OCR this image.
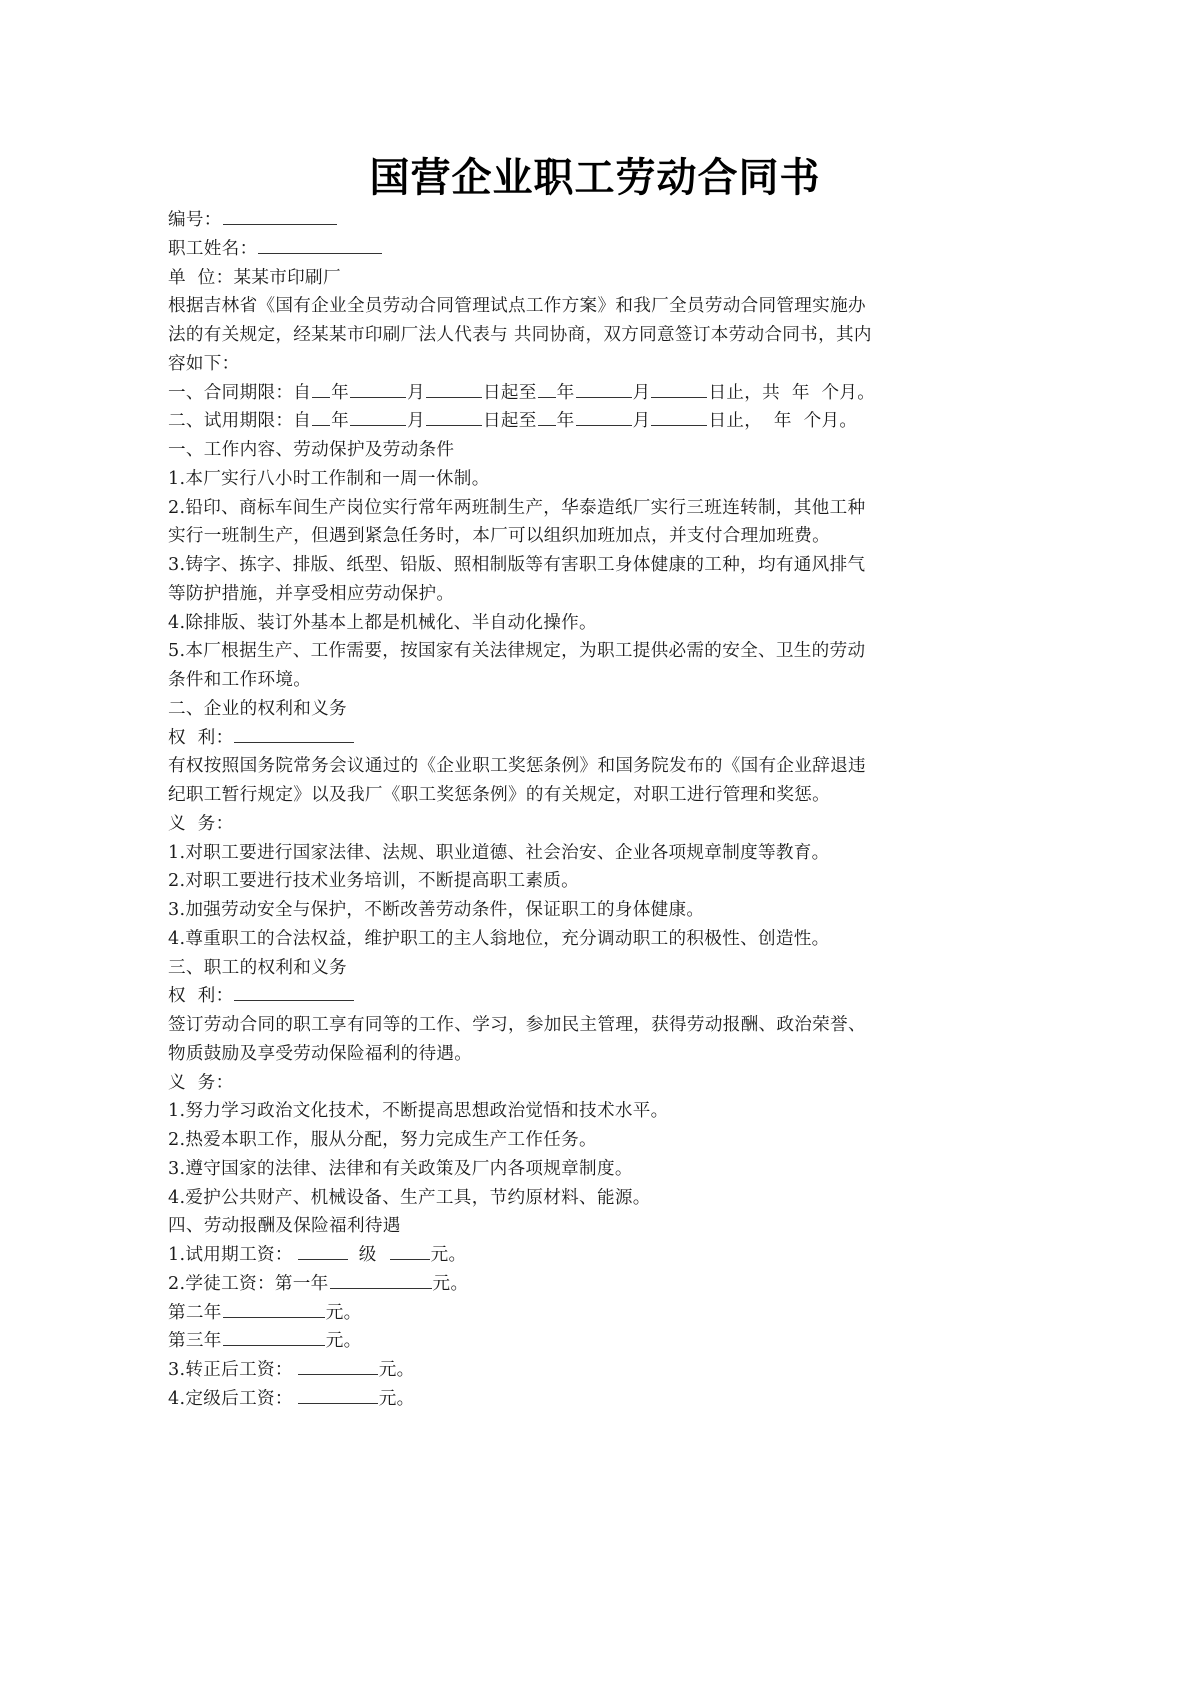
国营企业职工劳动合同书
编号：
职工姓名：
单  位：某某市印刷厂
根据吉林省《国有企业全员劳动合同管理试点工作方案》和我厂全员劳动合同管理实施办
法的有关规定，经某某市印刷厂法人代表与 共同协商，双方同意签订本劳动合同书，其内
容如下：
一、合同期限：自 年	月	日起至 年	月	日止，共  年  个月。
二、试用期限：自 年	月	日起至 年	月	日止，  年  个月。
一、工作内容、劳动保护及劳动条件
1.本厂实行八小时工作制和一周一休制。
2.铅印、商标车间生产岗位实行常年两班制生产，华泰造纸厂实行三班连转制，其他工种
实行一班制生产，但遇到紧急任务时，本厂可以组织加班加点，并支付合理加班费。
3.铸字、拣字、排版、纸型、铅版、照相制版等有害职工身体健康的工种，均有通风排气
等防护措施，并享受相应劳动保护。
4.除排版、装订外基本上都是机械化、半自动化操作。
5.本厂根据生产、工作需要，按国家有关法律规定，为职工提供必需的安全、卫生的劳动
条件和工作环境。
二、企业的权利和义务
权  利：
有权按照国务院常务会议通过的《企业职工奖惩条例》和国务院发布的《国有企业辞退违
纪职工暂行规定》以及我厂《职工奖惩条例》的有关规定，对职工进行管理和奖惩。
义  务：
1.对职工要进行国家法律、法规、职业道德、社会治安、企业各项规章制度等教育。
2.对职工要进行技术业务培训，不断提高职工素质。
3.加强劳动安全与保护，不断改善劳动条件，保证职工的身体健康。
4.尊重职工的合法权益，维护职工的主人翁地位，充分调动职工的积极性、创造性。
三、职工的权利和义务
权  利：
签订劳动合同的职工享有同等的工作、学习，参加民主管理，获得劳动报酬、政治荣誉、
物质鼓励及享受劳动保险福利的待遇。
义  务：
1.努力学习政治文化技术，不断提高思想政治觉悟和技术水平。
2.热爱本职工作，服从分配，努力完成生产工作任务。
3.遵守国家的法律、法律和有关政策及厂内各项规章制度。
4.爱护公共财产、机械设备、生产工具，节约原材料、能源。
四、劳动报酬及保险福利待遇
1.试用期工资：	级	元。
2.学徒工资：第一年	元。
第二年	元。
第三年	元。
3.转正后工资：	元。
4.定级后工资：	元。
